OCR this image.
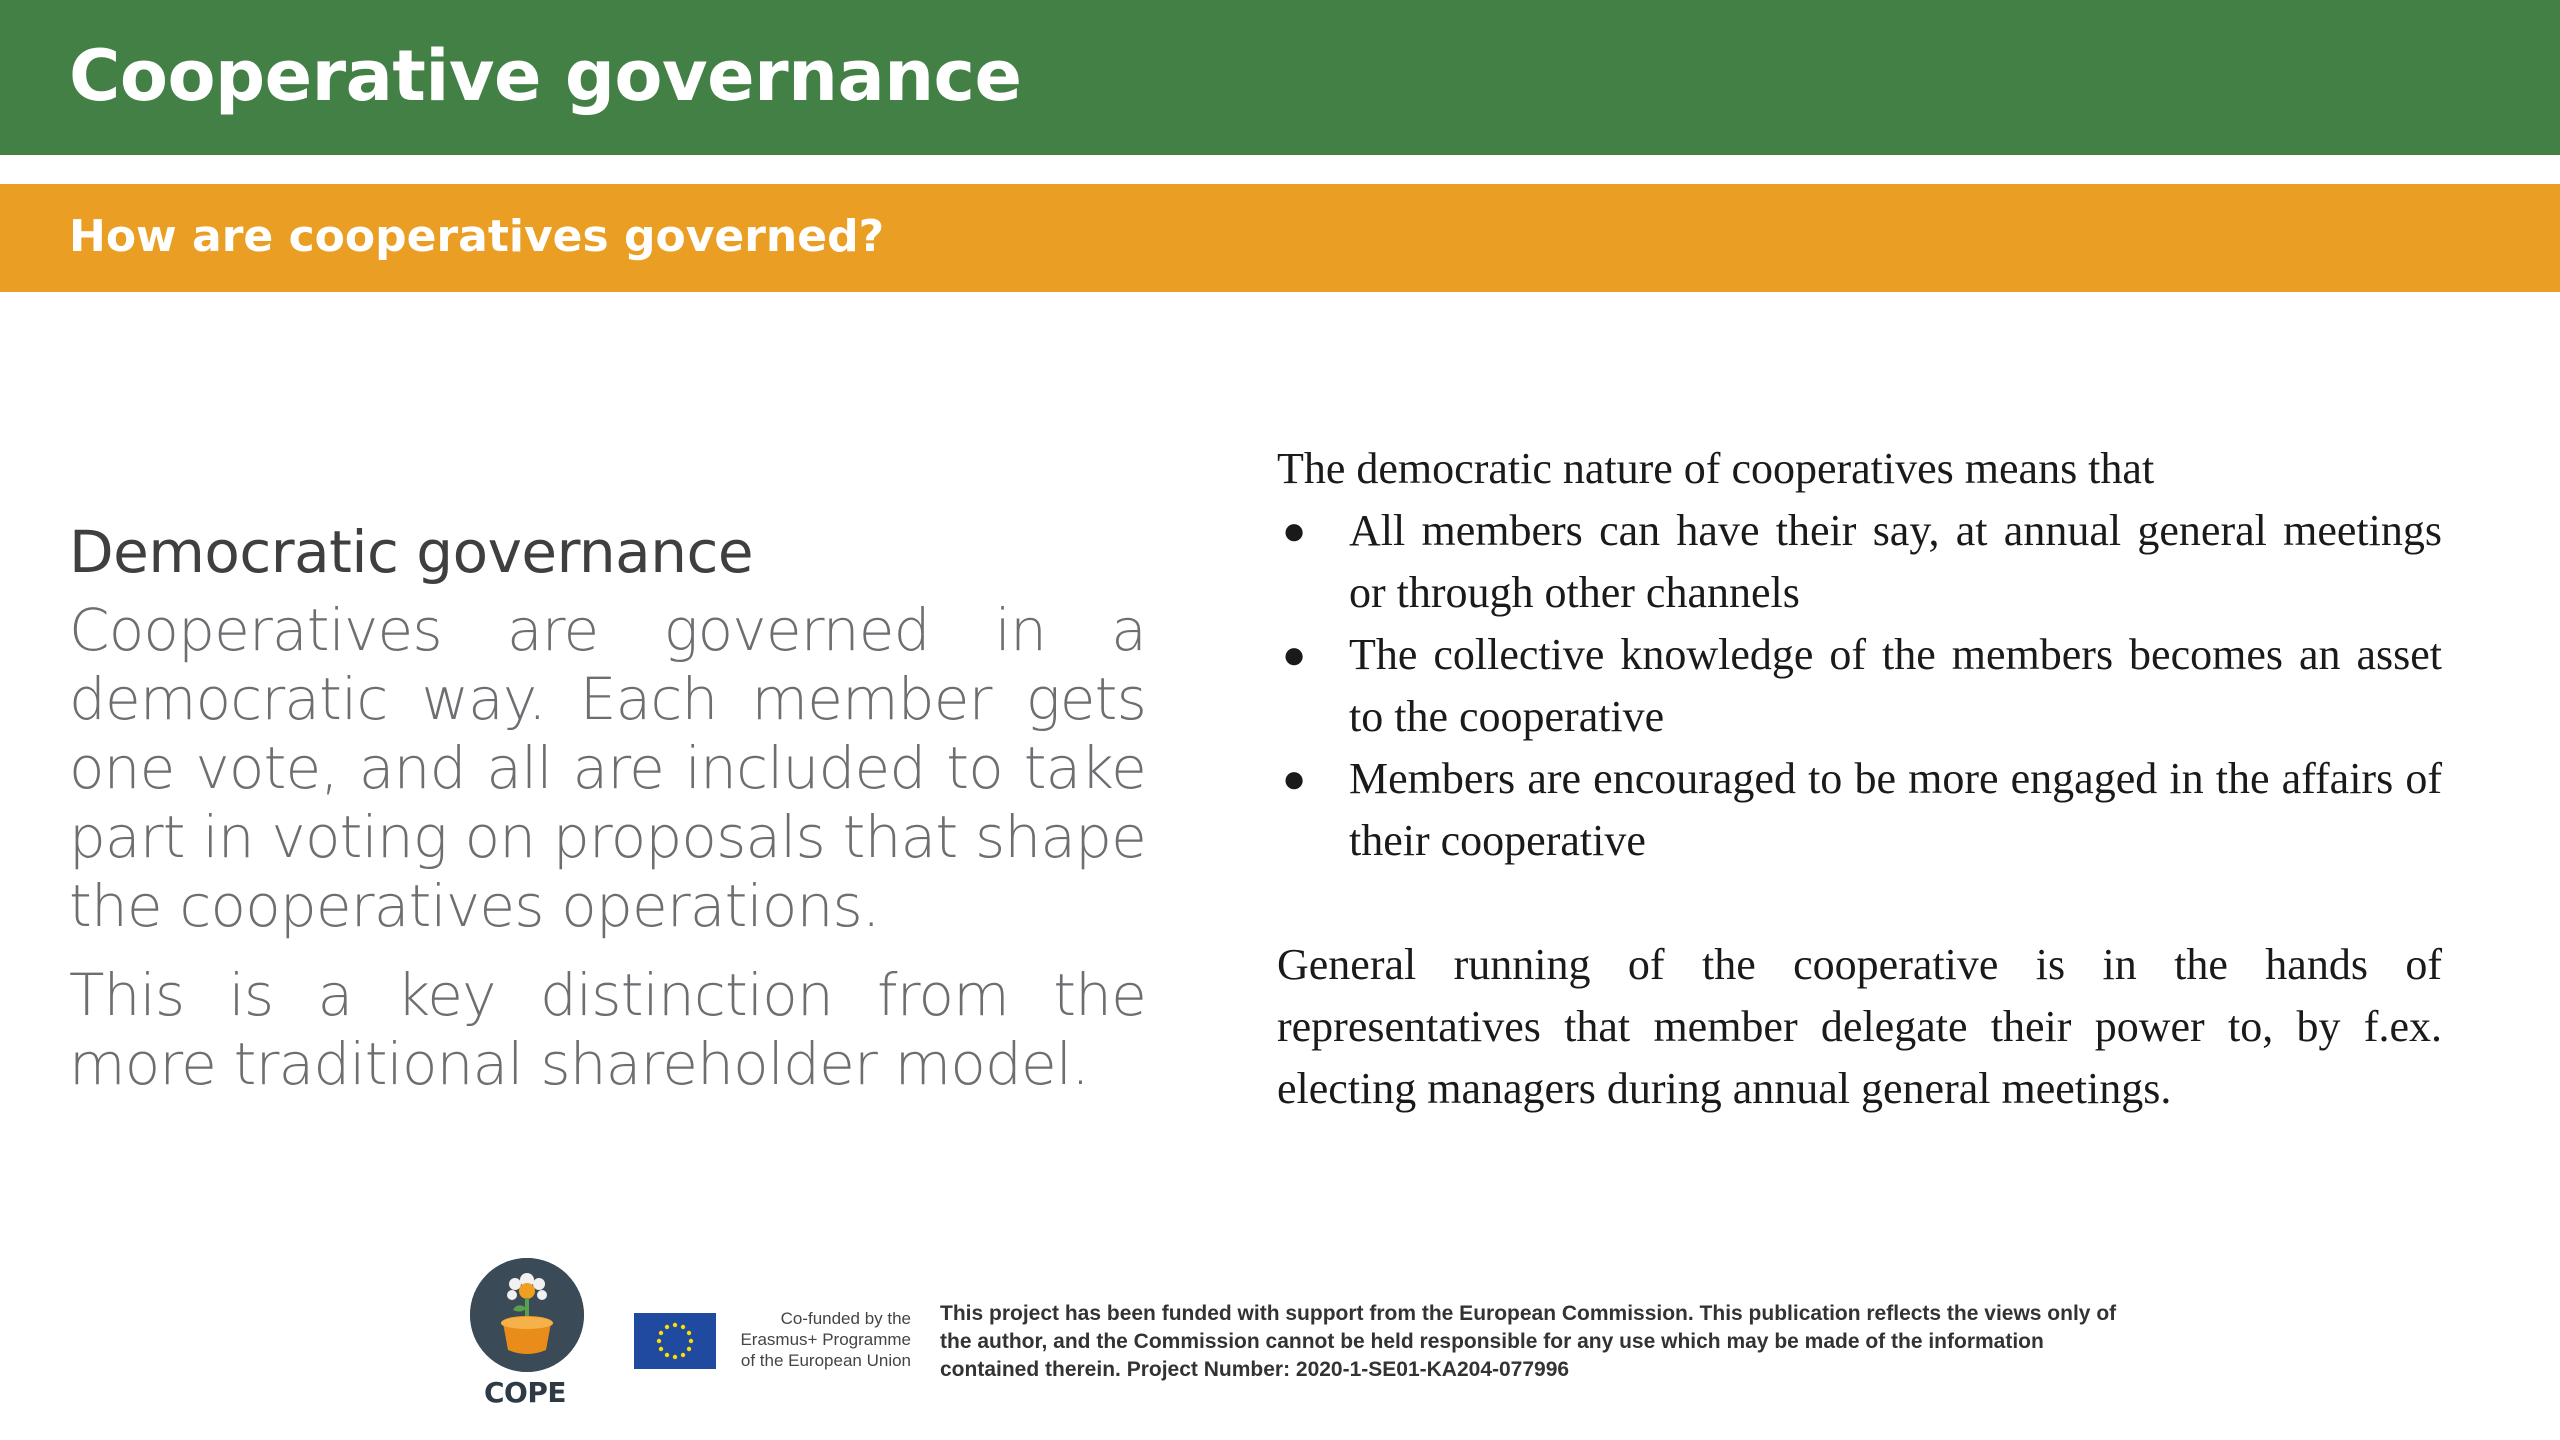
Cooperative governance
How are cooperatives governed?
Democratic governance

Cooperatives are governed in a democratic way. Each member gets one vote, and all are included to take part in voting on proposals that shape the cooperatives operations.

This is a key distinction from the more traditional shareholder model.

The democratic nature of cooperatives means that

● All members can have their say, at annual general meetings or through other channels
● The collective knowledge of the members becomes an asset to the cooperative
● Members are encouraged to be more engaged in the affairs of their cooperative

General running of the cooperative is in the hands of representatives that member delegate their power to, by f.ex. electing managers during annual general meetings.

COPE
Co-funded by the Erasmus+ Programme of the European Union
This project has been funded with support from the European Commission. This publication reflects the views only of the author, and the Commission cannot be held responsible for any use which may be made of the information contained therein. Project Number: 2020-1-SE01-KA204-077996
